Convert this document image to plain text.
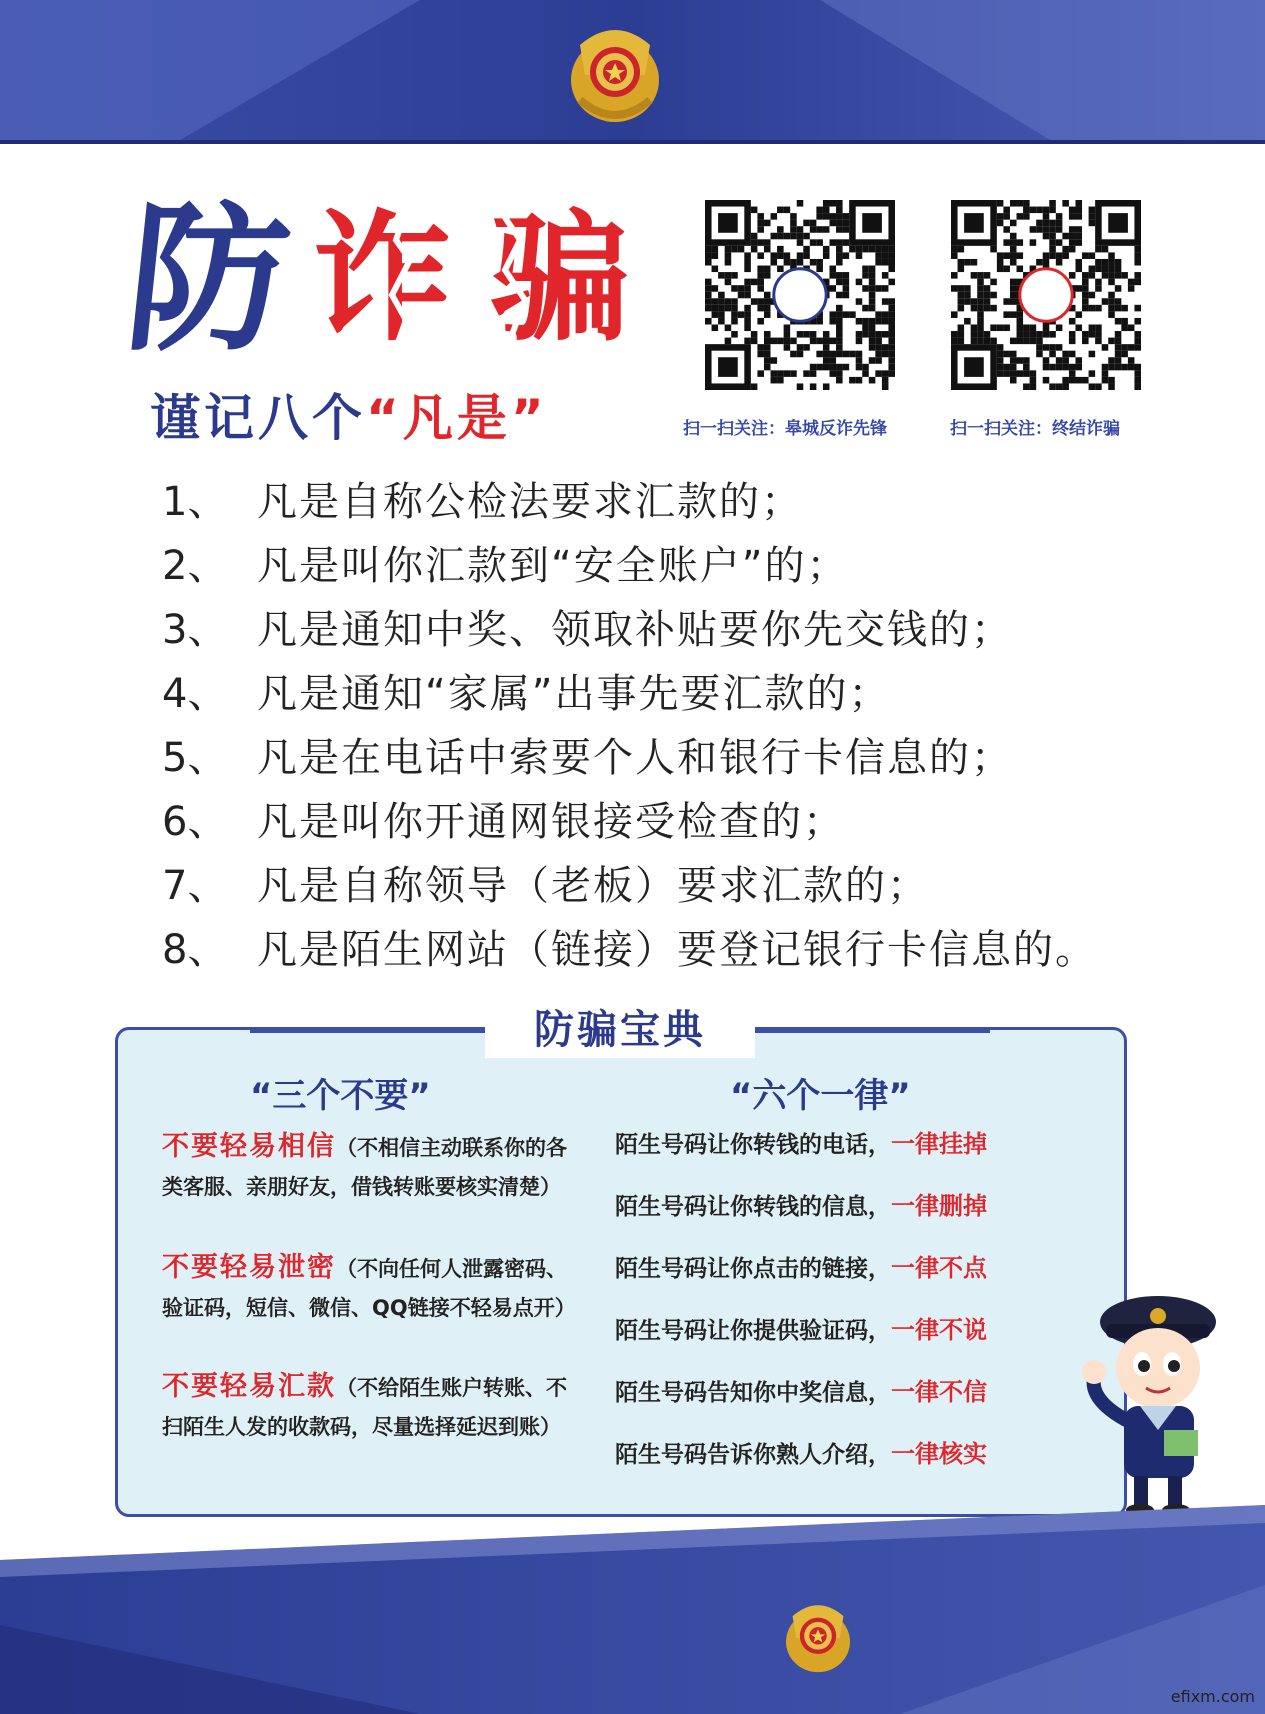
防 诈 骗
谨记八个“凡是”	扫一扫关注：皋城反诈先锋	扫一扫关注：终结诈骗
1、 凡是自称公检法要求汇款的；
2、 凡是叫你汇款到“安全账户”的；
3、 凡是通知中奖、领取补贴要你先交钱的；
4、 凡是通知“家属”出事先要汇款的；
5、 凡是在电话中索要个人和银行卡信息的；
6、 凡是叫你开通网银接受检查的；
7、 凡是自称领导（老板）要求汇款的；
8、 凡是陌生网站（链接）要登记银行卡信息的。
防骗宝典
“三个不要”	“六个一律”
不要轻易相信（不相信主动联系你的各类客服、亲朋好友，借钱转账要核实清楚）
不要轻易泄密（不向任何人泄露密码、验证码，短信、微信、QQ链接不轻易点开）
不要轻易汇款（不给陌生账户转账、不扫陌生人发的收款码，尽量选择延迟到账）
陌生号码让你转钱的电话，一律挂掉
陌生号码让你转钱的信息，一律删掉
陌生号码让你点击的链接，一律不点
陌生号码让你提供验证码，一律不说
陌生号码告知你中奖信息，一律不信
陌生号码告诉你熟人介绍，一律核实
efixm.com
